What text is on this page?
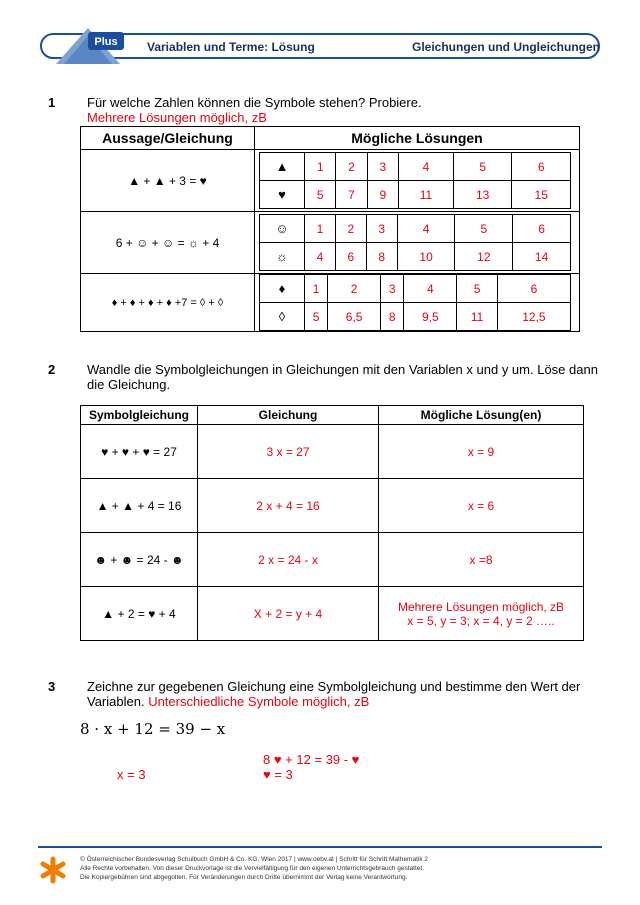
Plus Variablen und Terme: Lösung	Gleichungen und Ungleichungen
1 Für welche Zahlen können die Symbole stehen? Probiere.
Mehrere Lösungen möglich, zB
Aussage/Gleichung	Mögliche Lösungen
▲ + ▲ + 3 = ♥	
▲	1	2	3	4	5	6
♥	5	7	9	11	13	15

6 + ☺ + ☺ = ☼ + 4	
☺	1	2	3	4	5	6
☼	4	6	8	10	12	14

♦ + ♦ + ♦ + ♦ +7 = ◊ + ◊	
♦	1	2	3	4	5	6
◊	5	6,5	8	9,5	11	12,5
2 Wandle die Symbolgleichungen in Gleichungen mit den Variablen x und y um. Löse dann
die Gleichung.
Symbolgleichung	Gleichung	Mögliche Lösung(en)
♥ + ♥ + ♥ = 27	3 x = 27	x = 9
▲ + ▲ + 4 = 16	2 x + 4 = 16	x = 6
☻ + ☻ = 24 - ☻	2 x = 24 - x	x =8
▲ + 2 = ♥ + 4	X + 2 = y + 4	Mehrere Lösungen möglich, zB
x = 5, y = 3; x = 4, y = 2 …..
3 Zeichne zur gegebenen Gleichung eine Symbolgleichung und bestimme den Wert der
Variablen. Unterschiedliche Symbole möglich, zB
8 · x + 12 = 39 − x
8 ♥ + 12 = 39 - ♥
x = 3	♥ = 3
© Österreichischer Bundesverlag Schulbuch GmbH & Co. KG, Wien 2017 | www.oebv.at | Schritt für Schritt Mathematik 2
Alle Rechte vorbehalten. Von dieser Druckvorlage ist die Vervielfältigung für den eigenen Unterrichtsgebrauch gestattet.
Die Kopiergebühren sind abgegolten. Für Veränderungen durch Dritte übernimmt der Verlag keine Verantwortung.
